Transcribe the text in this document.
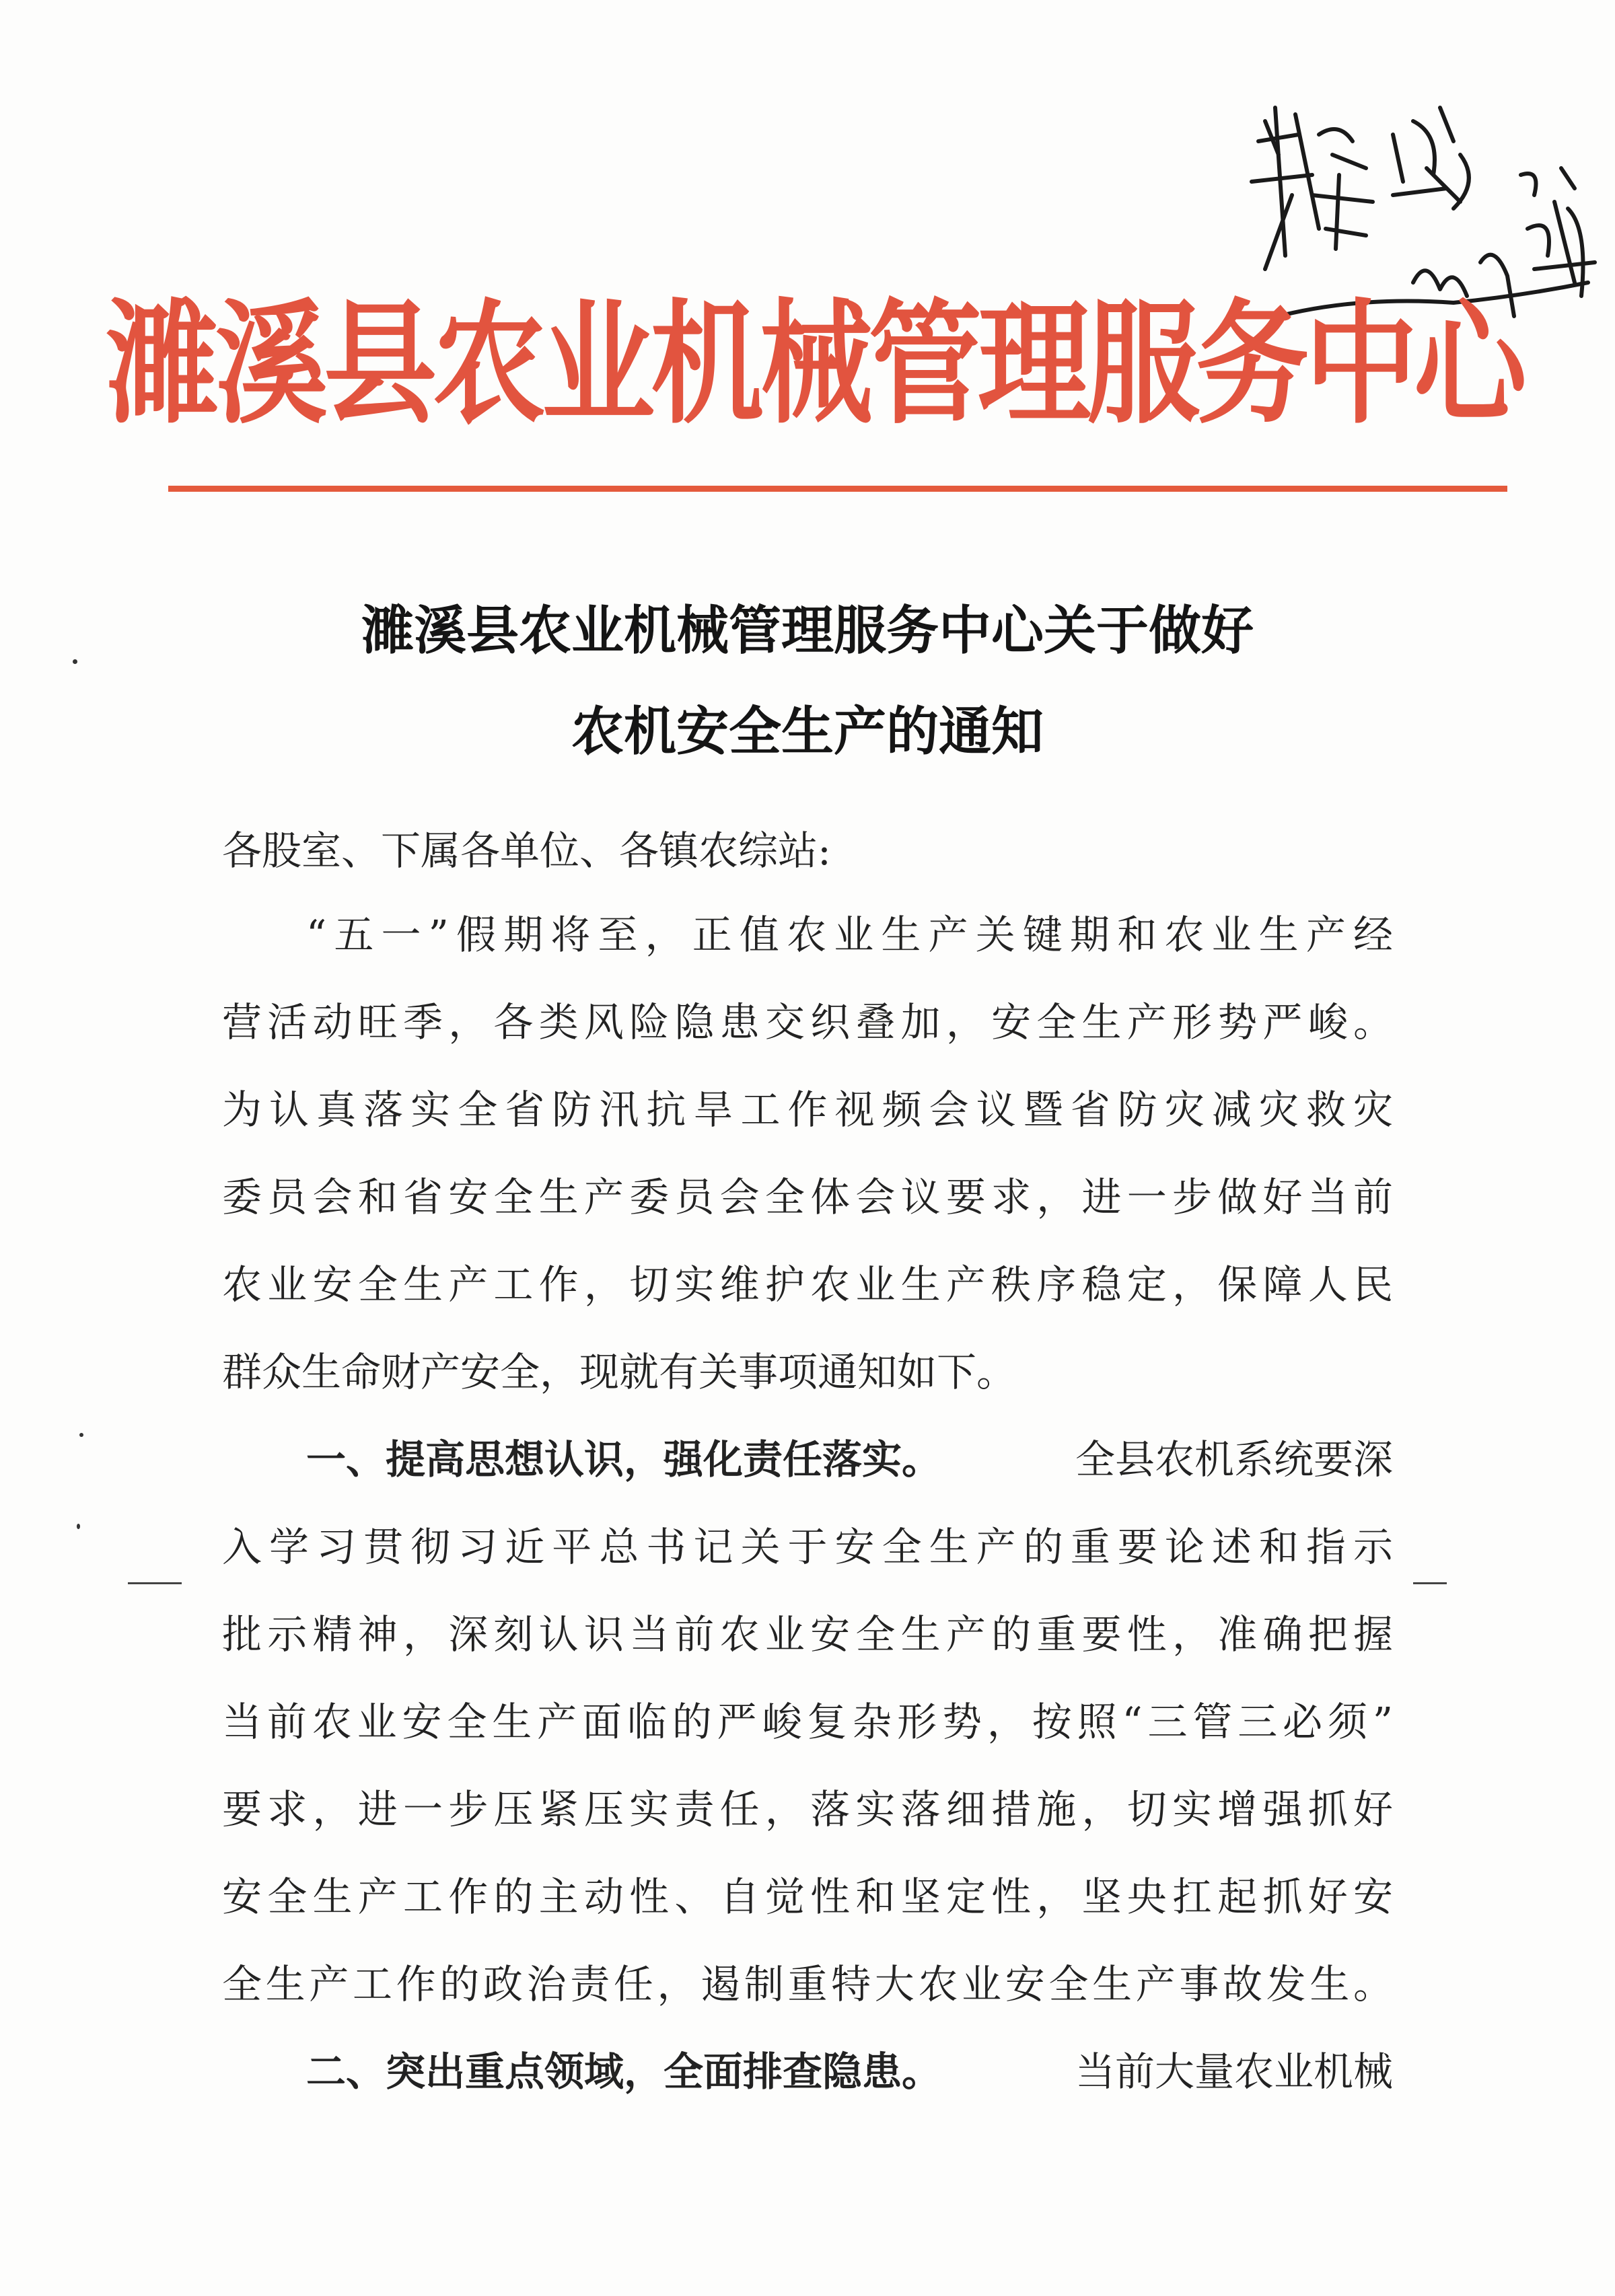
濉溪县农业机械管理服务中心
濉溪县农业机械管理服务中心关于做好
农机安全生产的通知
各股室、下属各单位、各镇农综站:
“五一”假期将至，正值农业生产关键期和农业生产经
营活动旺季，各类风险隐患交织叠加，安全生产形势严峻。
为认真落实全省防汛抗旱工作视频会议暨省防灾减灾救灾
委员会和省安全生产委员会全体会议要求，进一步做好当前
农业安全生产工作，切实维护农业生产秩序稳定，保障人民
群众生命财产安全，现就有关事项通知如下。
一、提高思想认识，强化责任落实。	全县农机系统要深
入学习贯彻习近平总书记关于安全生产的重要论述和指示
批示精神，深刻认识当前农业安全生产的重要性，准确把握
当前农业安全生产面临的严峻复杂形势，按照“三管三必须”
要求，进一步压紧压实责任，落实落细措施，切实增强抓好
安全生产工作的主动性、自觉性和坚定性，坚央扛起抓好安
全生产工作的政治责任，遏制重特大农业安全生产事故发生。
二、突出重点领域，全面排查隐患。	当前大量农业机械
